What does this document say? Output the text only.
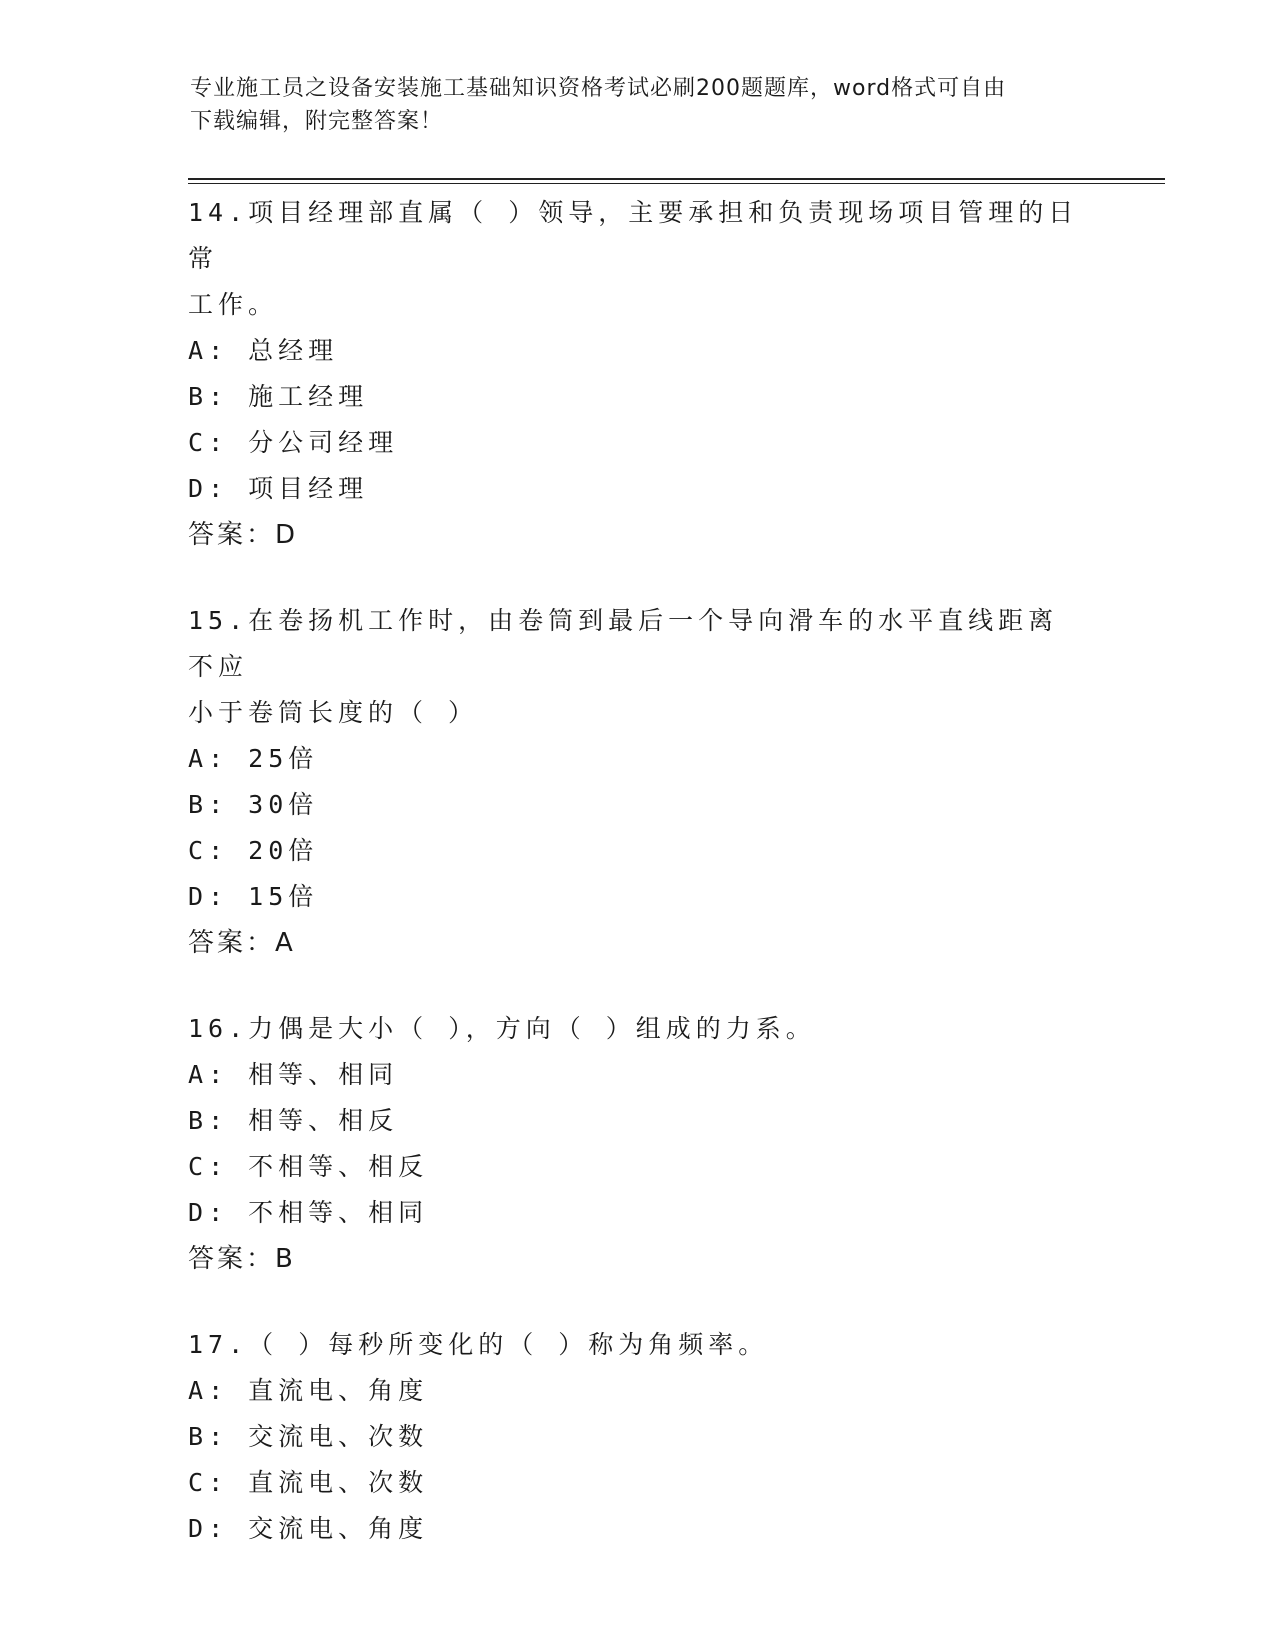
专业施工员之设备安装施工基础知识资格考试必刷200题题库，word格式可自由
下载编辑，附完整答案！

14.项目经理部直属（ ）领导，主要承担和负责现场项目管理的日常

工作。

A: 总经理

B: 施工经理

C: 分公司经理

D: 项目经理

答案：D

15.在卷扬机工作时，由卷筒到最后一个导向滑车的水平直线距离不应

小于卷筒长度的（ ）

A: 25倍

B: 30倍

C: 20倍

D: 15倍

答案：A

16.力偶是大小（ ），方向（ ）组成的力系。

A: 相等、相同

B: 相等、相反

C: 不相等、相反

D: 不相等、相同

答案：B

17.（ ）每秒所变化的（ ）称为角频率。

A: 直流电、角度

B: 交流电、次数

C: 直流电、次数

D: 交流电、角度
